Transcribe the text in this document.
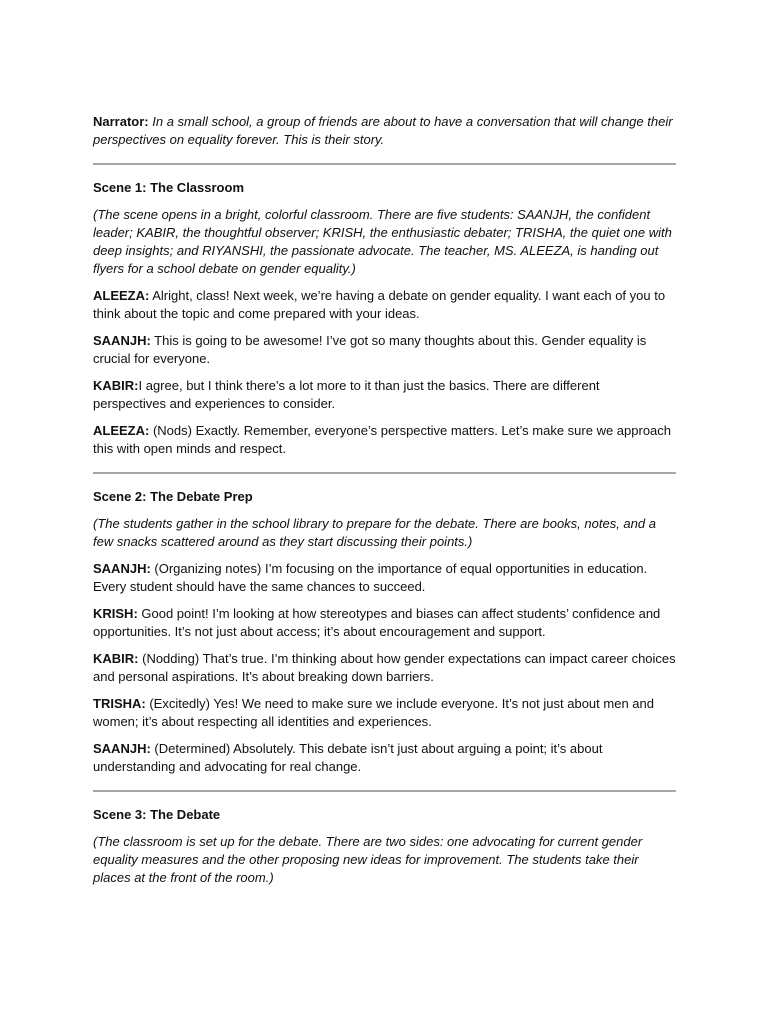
Narrator: In a small school, a group of friends are about to have a conversation that will change their perspectives on equality forever. This is their story.

Scene 1: The Classroom

(The scene opens in a bright, colorful classroom. There are five students: SAANJH, the confident leader; KABIR, the thoughtful observer; KRISH, the enthusiastic debater; TRISHA, the quiet one with deep insights; and RIYANSHI, the passionate advocate. The teacher, MS. ALEEZA, is handing out flyers for a school debate on gender equality.)

ALEEZA: Alright, class! Next week, we’re having a debate on gender equality. I want each of you to think about the topic and come prepared with your ideas.

SAANJH: This is going to be awesome! I’ve got so many thoughts about this. Gender equality is crucial for everyone.

KABIR:I agree, but I think there’s a lot more to it than just the basics. There are different perspectives and experiences to consider.

ALEEZA: (Nods) Exactly. Remember, everyone’s perspective matters. Let’s make sure we approach this with open minds and respect.

Scene 2: The Debate Prep

(The students gather in the school library to prepare for the debate. There are books, notes, and a few snacks scattered around as they start discussing their points.)

SAANJH: (Organizing notes) I’m focusing on the importance of equal opportunities in education. Every student should have the same chances to succeed.

KRISH: Good point! I’m looking at how stereotypes and biases can affect students’ confidence and opportunities. It’s not just about access; it’s about encouragement and support.

KABIR: (Nodding) That’s true. I’m thinking about how gender expectations can impact career choices and personal aspirations. It’s about breaking down barriers.

TRISHA: (Excitedly) Yes! We need to make sure we include everyone. It’s not just about men and women; it’s about respecting all identities and experiences.

SAANJH: (Determined) Absolutely. This debate isn’t just about arguing a point; it’s about understanding and advocating for real change.

Scene 3: The Debate

(The classroom is set up for the debate. There are two sides: one advocating for current gender equality measures and the other proposing new ideas for improvement. The students take their places at the front of the room.)
